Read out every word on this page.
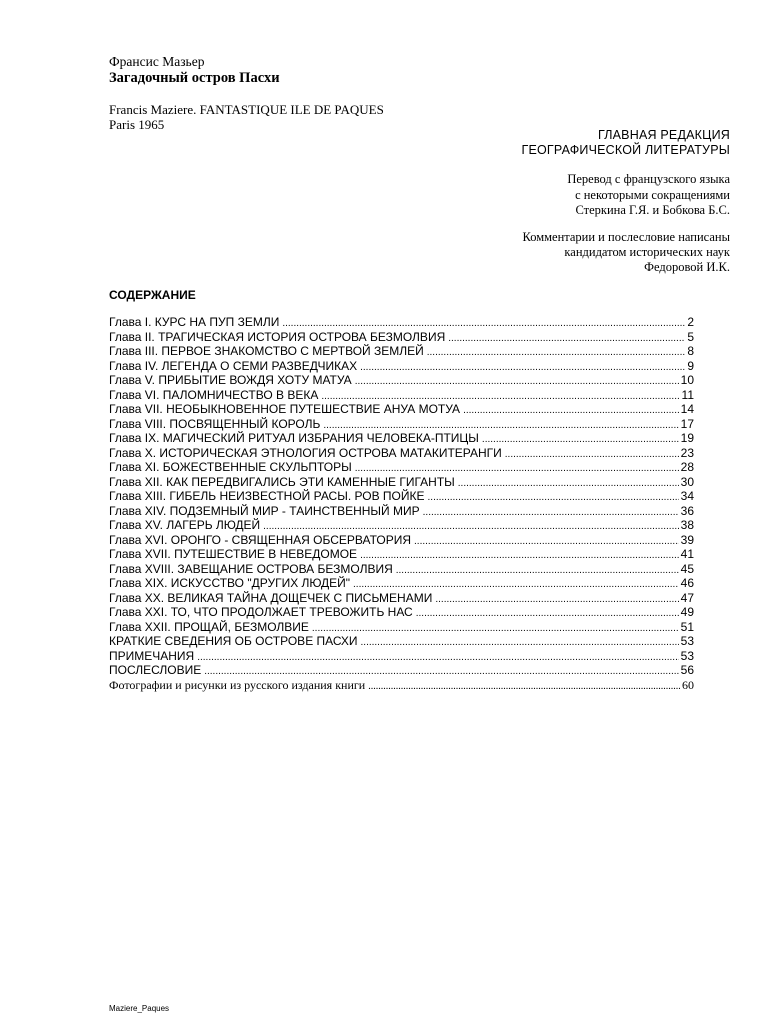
Франсис Мазьер
Загадочный остров Пасхи
Francis Maziere. FANTASTIQUE ILE DE PAQUES
Paris 1965
ГЛАВНАЯ РЕДАКЦИЯ
ГЕОГРАФИЧЕСКОЙ ЛИТЕРАТУРЫ
Перевод с французского языка
с некоторыми сокращениями
Стеркина Г.Я. и Бобкова Б.С.
Комментарии и послесловие написаны
кандидатом исторических наук
Федоровой И.К.
СОДЕРЖАНИЕ
Глава I. КУРС НА ПУП ЗЕМЛИ .....	2
Глава II. ТРАГИЧЕСКАЯ ИСТОРИЯ ОСТРОВА БЕЗМОЛВИЯ .....	5
Глава III. ПЕРВОЕ ЗНАКОМСТВО С МЕРТВОЙ ЗЕМЛЕЙ .....	8
Глава IV. ЛЕГЕНДА О СЕМИ РАЗВЕДЧИКАХ .....	9
Глава V. ПРИБЫТИЕ ВОЖДЯ ХОТУ МАТУА .....	10
Глава VI. ПАЛОМНИЧЕСТВО В ВЕКА .....	11
Глава VII. НЕОБЫКНОВЕННОЕ ПУТЕШЕСТВИЕ АНУА МОТУА .....	14
Глава VIII. ПОСВЯЩЕННЫЙ КОРОЛЬ .....	17
Глава IX. МАГИЧЕСКИЙ РИТУАЛ ИЗБРАНИЯ ЧЕЛОВЕКА-ПТИЦЫ .....	19
Глава X. ИСТОРИЧЕСКАЯ ЭТНОЛОГИЯ ОСТРОВА МАТАКИТЕРАНГИ .....	23
Глава XI. БОЖЕСТВЕННЫЕ СКУЛЬПТОРЫ .....	28
Глава XII. КАК ПЕРЕДВИГАЛИСЬ ЭТИ КАМЕННЫЕ ГИГАНТЫ .....	30
Глава XIII. ГИБЕЛЬ НЕИЗВЕСТНОЙ РАСЫ. РОВ ПОЙКЕ .....	34
Глава XIV. ПОДЗЕМНЫЙ МИР - ТАИНСТВЕННЫЙ МИР .....	36
Глава XV. ЛАГЕРЬ ЛЮДЕЙ .....	38
Глава XVI. ОРОНГО - СВЯЩЕННАЯ ОБСЕРВАТОРИЯ .....	39
Глава XVII. ПУТЕШЕСТВИЕ В НЕВЕДОМОЕ .....	41
Глава XVIII. ЗАВЕЩАНИЕ ОСТРОВА БЕЗМОЛВИЯ .....	45
Глава XIX. ИСКУССТВО "ДРУГИХ ЛЮДЕЙ" .....	46
Глава XX. ВЕЛИКАЯ ТАЙНА ДОЩЕЧЕК С ПИСЬМЕНАМИ .....	47
Глава XXI. ТО, ЧТО ПРОДОЛЖАЕТ ТРЕВОЖИТЬ НАС .....	49
Глава XXII. ПРОЩАЙ, БЕЗМОЛВИЕ .....	51
КРАТКИЕ СВЕДЕНИЯ ОБ ОСТРОВЕ ПАСХИ .....	53
ПРИМЕЧАНИЯ .....	53
ПОСЛЕСЛОВИЕ .....	56
Фотографии и рисунки из русского издания книги .....	60
Maziere_Paques
